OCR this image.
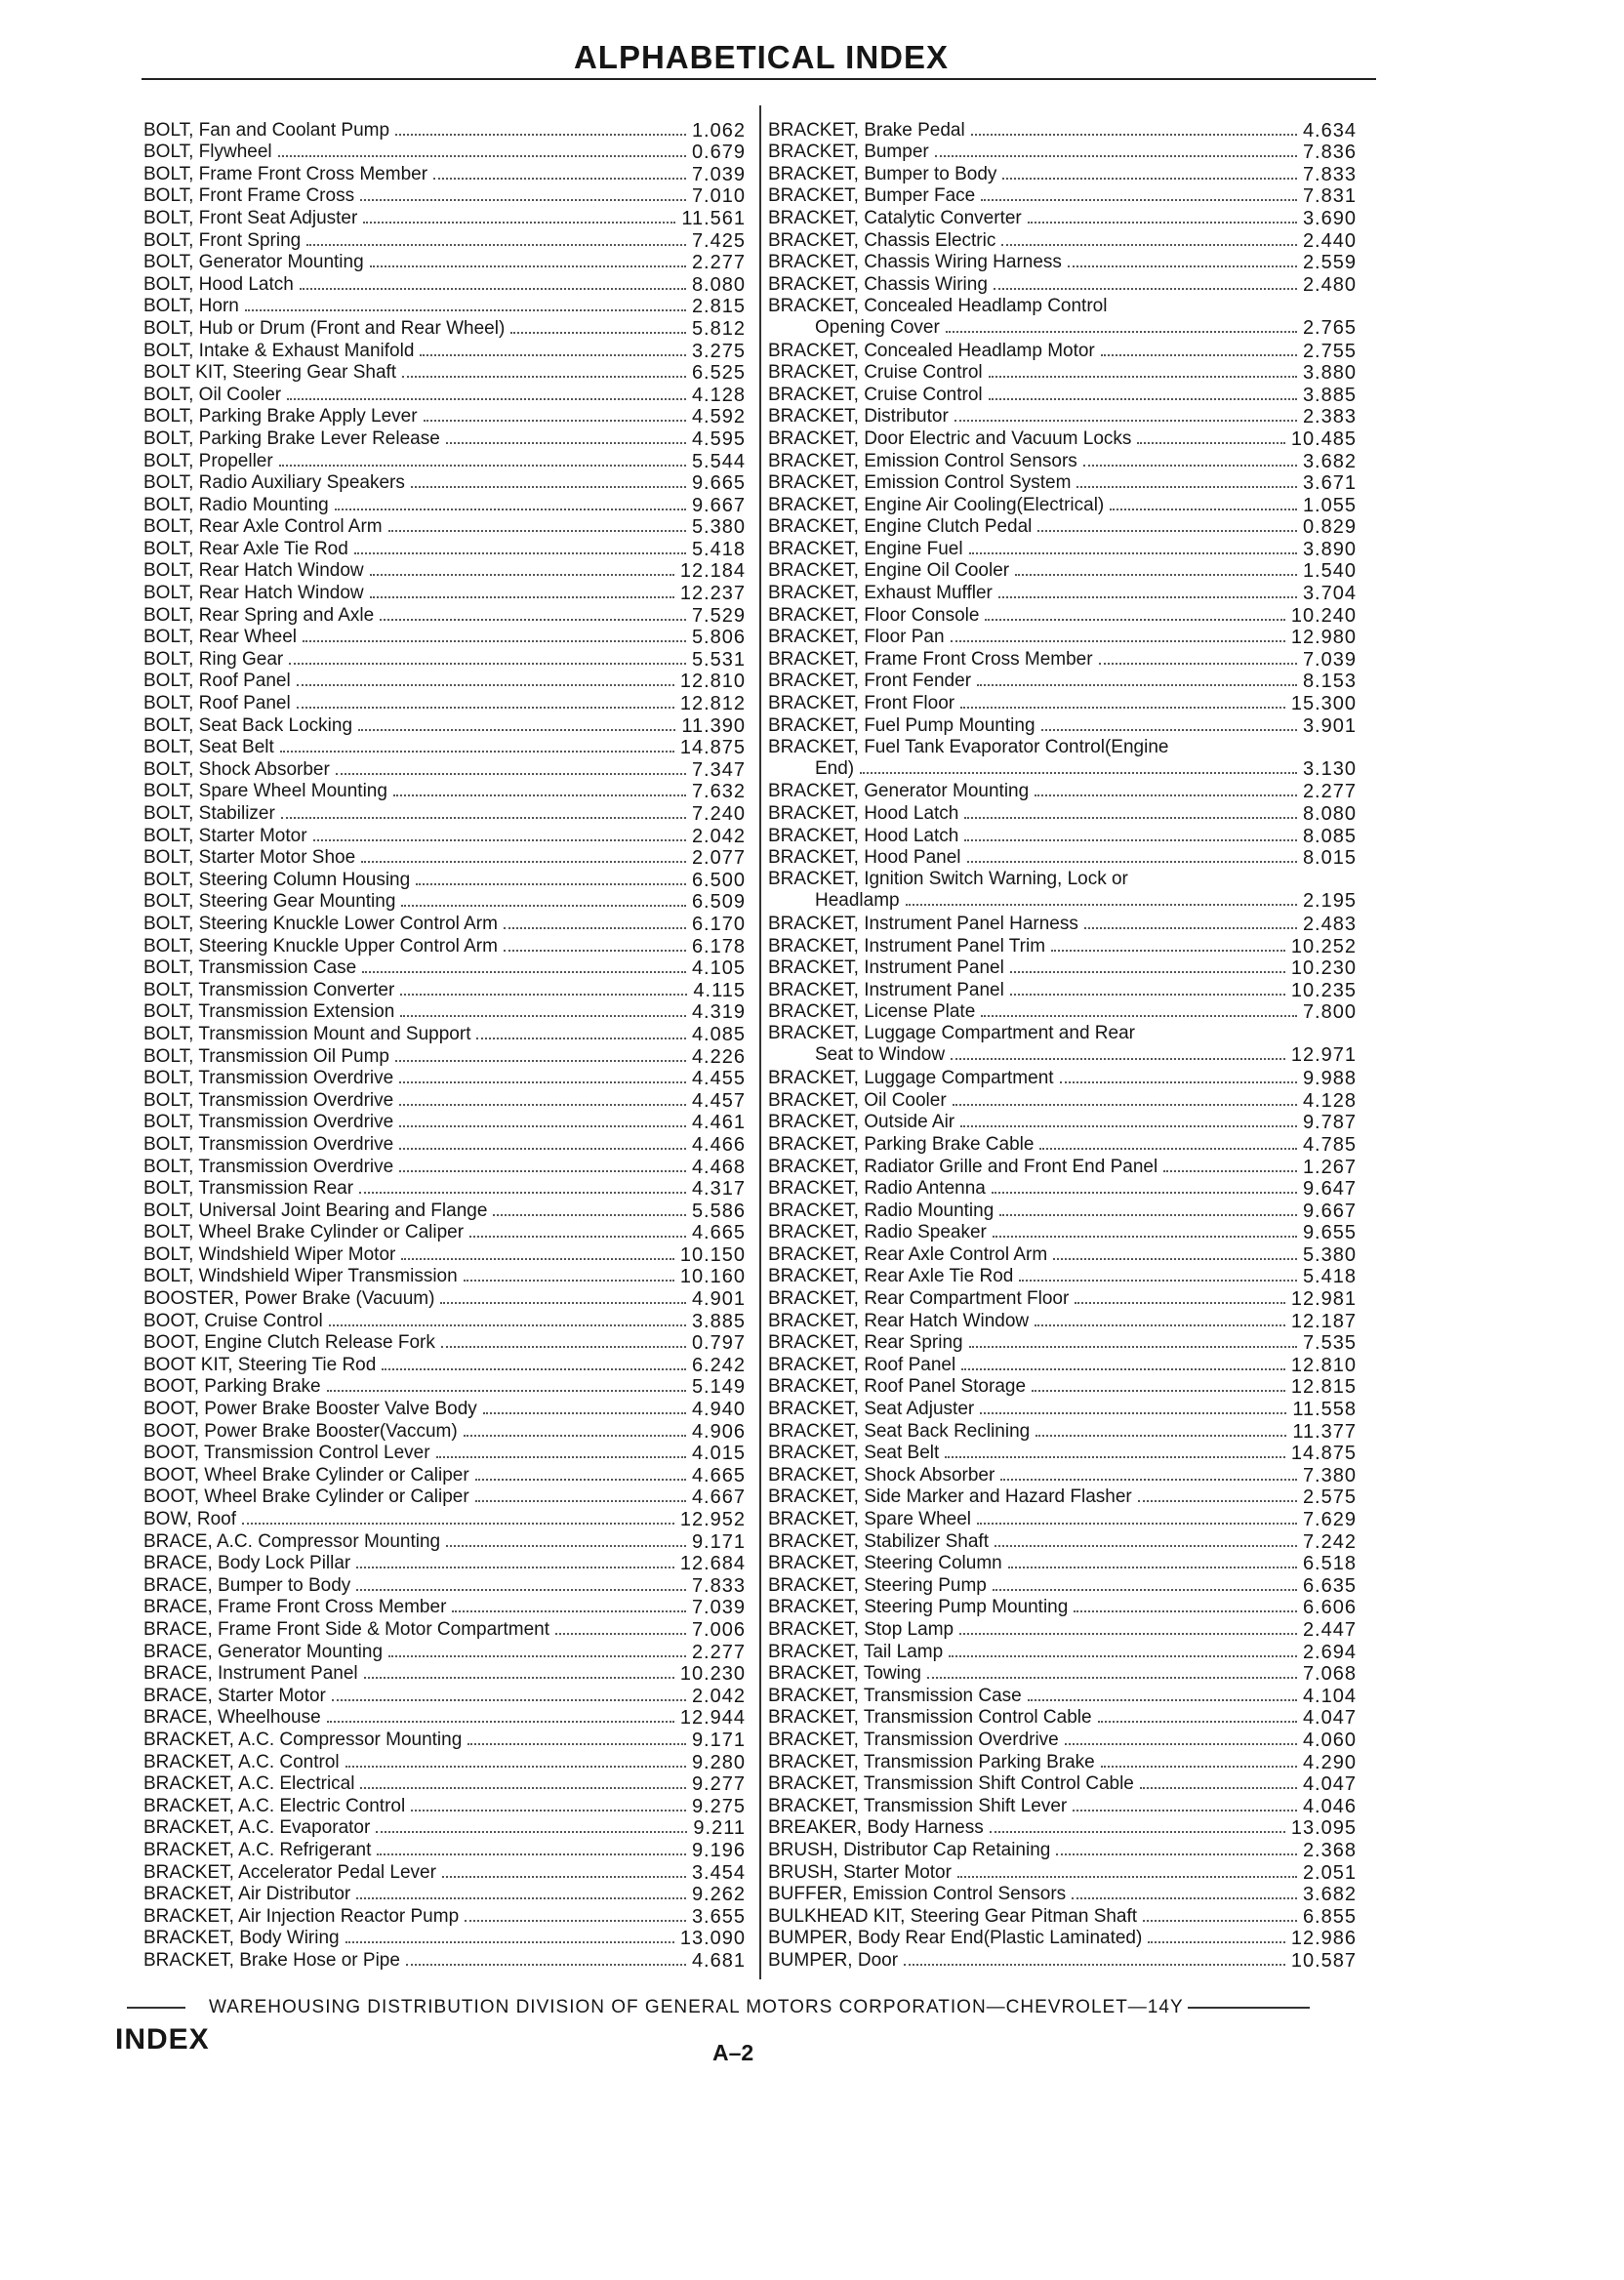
ALPHABETICAL INDEX
BOLT, Fan and Coolant Pump	1.062
BOLT, Flywheel	0.679
BOLT, Frame Front Cross Member	7.039
BOLT, Front Frame Cross	7.010
BOLT, Front Seat Adjuster	11.561
BOLT, Front Spring	7.425
BOLT, Generator Mounting	2.277
BOLT, Hood Latch	8.080
BOLT, Horn	2.815
BOLT, Hub or Drum (Front and Rear Wheel)	5.812
BOLT, Intake & Exhaust Manifold	3.275
BOLT KIT, Steering Gear Shaft	6.525
BOLT, Oil Cooler	4.128
BOLT, Parking Brake Apply Lever	4.592
BOLT, Parking Brake Lever Release	4.595
BOLT, Propeller	5.544
BOLT, Radio Auxiliary Speakers	9.665
BOLT, Radio Mounting	9.667
BOLT, Rear Axle Control Arm	5.380
BOLT, Rear Axle Tie Rod	5.418
BOLT, Rear Hatch Window	12.184
BOLT, Rear Hatch Window	12.237
BOLT, Rear Spring and Axle	7.529
BOLT, Rear Wheel	5.806
BOLT, Ring Gear	5.531
BOLT, Roof Panel	12.810
BOLT, Roof Panel	12.812
BOLT, Seat Back Locking	11.390
BOLT, Seat Belt	14.875
BOLT, Shock Absorber	7.347
BOLT, Spare Wheel Mounting	7.632
BOLT, Stabilizer	7.240
BOLT, Starter Motor	2.042
BOLT, Starter Motor Shoe	2.077
BOLT, Steering Column Housing	6.500
BOLT, Steering Gear Mounting	6.509
BOLT, Steering Knuckle Lower Control Arm	6.170
BOLT, Steering Knuckle Upper Control Arm	6.178
BOLT, Transmission Case	4.105
BOLT, Transmission Converter	4.115
BOLT, Transmission Extension	4.319
BOLT, Transmission Mount and Support	4.085
BOLT, Transmission Oil Pump	4.226
BOLT, Transmission Overdrive	4.455
BOLT, Transmission Overdrive	4.457
BOLT, Transmission Overdrive	4.461
BOLT, Transmission Overdrive	4.466
BOLT, Transmission Overdrive	4.468
BOLT, Transmission Rear	4.317
BOLT, Universal Joint Bearing and Flange	5.586
BOLT, Wheel Brake Cylinder or Caliper	4.665
BOLT, Windshield Wiper Motor	10.150
BOLT, Windshield Wiper Transmission	10.160
BOOSTER, Power Brake (Vacuum)	4.901
BOOT, Cruise Control	3.885
BOOT, Engine Clutch Release Fork	0.797
BOOT KIT, Steering Tie Rod	6.242
BOOT, Parking Brake	5.149
BOOT, Power Brake Booster Valve Body	4.940
BOOT, Power Brake Booster(Vaccum)	4.906
BOOT, Transmission Control Lever	4.015
BOOT, Wheel Brake Cylinder or Caliper	4.665
BOOT, Wheel Brake Cylinder or Caliper	4.667
BOW, Roof	12.952
BRACE, A.C. Compressor Mounting	9.171
BRACE, Body Lock Pillar	12.684
BRACE, Bumper to Body	7.833
BRACE, Frame Front Cross Member	7.039
BRACE, Frame Front Side & Motor Compartment	7.006
BRACE, Generator Mounting	2.277
BRACE, Instrument Panel	10.230
BRACE, Starter Motor	2.042
BRACE, Wheelhouse	12.944
BRACKET, A.C. Compressor Mounting	9.171
BRACKET, A.C. Control	9.280
BRACKET, A.C. Electrical	9.277
BRACKET, A.C. Electric Control	9.275
BRACKET, A.C. Evaporator	9.211
BRACKET, A.C. Refrigerant	9.196
BRACKET, Accelerator Pedal Lever	3.454
BRACKET, Air Distributor	9.262
BRACKET, Air Injection Reactor Pump	3.655
BRACKET, Body Wiring	13.090
BRACKET, Brake Hose or Pipe	4.681
BRACKET, Brake Pedal	4.634
BRACKET, Bumper	7.836
BRACKET, Bumper to Body	7.833
BRACKET, Bumper Face	7.831
BRACKET, Catalytic Converter	3.690
BRACKET, Chassis Electric	2.440
BRACKET, Chassis Wiring Harness	2.559
BRACKET, Chassis Wiring	2.480
BRACKET, Concealed Headlamp Control
Opening Cover	2.765
BRACKET, Concealed Headlamp Motor	2.755
BRACKET, Cruise Control	3.880
BRACKET, Cruise Control	3.885
BRACKET, Distributor	2.383
BRACKET, Door Electric and Vacuum Locks	10.485
BRACKET, Emission Control Sensors	3.682
BRACKET, Emission Control System	3.671
BRACKET, Engine Air Cooling(Electrical)	1.055
BRACKET, Engine Clutch Pedal	0.829
BRACKET, Engine Fuel	3.890
BRACKET, Engine Oil Cooler	1.540
BRACKET, Exhaust Muffler	3.704
BRACKET, Floor Console	10.240
BRACKET, Floor Pan	12.980
BRACKET, Frame Front Cross Member	7.039
BRACKET, Front Fender	8.153
BRACKET, Front Floor	15.300
BRACKET, Fuel Pump Mounting	3.901
BRACKET, Fuel Tank Evaporator Control(Engine
End)	3.130
BRACKET, Generator Mounting	2.277
BRACKET, Hood Latch	8.080
BRACKET, Hood Latch	8.085
BRACKET, Hood Panel	8.015
BRACKET, Ignition Switch Warning, Lock or
Headlamp	2.195
BRACKET, Instrument Panel Harness	2.483
BRACKET, Instrument Panel Trim	10.252
BRACKET, Instrument Panel	10.230
BRACKET, Instrument Panel	10.235
BRACKET, License Plate	7.800
BRACKET, Luggage Compartment and Rear
Seat to Window	12.971
BRACKET, Luggage Compartment	9.988
BRACKET, Oil Cooler	4.128
BRACKET, Outside Air	9.787
BRACKET, Parking Brake Cable	4.785
BRACKET, Radiator Grille and Front End Panel	1.267
BRACKET, Radio Antenna	9.647
BRACKET, Radio Mounting	9.667
BRACKET, Radio Speaker	9.655
BRACKET, Rear Axle Control Arm	5.380
BRACKET, Rear Axle Tie Rod	5.418
BRACKET, Rear Compartment Floor	12.981
BRACKET, Rear Hatch Window	12.187
BRACKET, Rear Spring	7.535
BRACKET, Roof Panel	12.810
BRACKET, Roof Panel Storage	12.815
BRACKET, Seat Adjuster	11.558
BRACKET, Seat Back Reclining	11.377
BRACKET, Seat Belt	14.875
BRACKET, Shock Absorber	7.380
BRACKET, Side Marker and Hazard Flasher	2.575
BRACKET, Spare Wheel	7.629
BRACKET, Stabilizer Shaft	7.242
BRACKET, Steering Column	6.518
BRACKET, Steering Pump	6.635
BRACKET, Steering Pump Mounting	6.606
BRACKET, Stop Lamp	2.447
BRACKET, Tail Lamp	2.694
BRACKET, Towing	7.068
BRACKET, Transmission Case	4.104
BRACKET, Transmission Control Cable	4.047
BRACKET, Transmission Overdrive	4.060
BRACKET, Transmission Parking Brake	4.290
BRACKET, Transmission Shift Control Cable	4.047
BRACKET, Transmission Shift Lever	4.046
BREAKER, Body Harness	13.095
BRUSH, Distributor Cap Retaining	2.368
BRUSH, Starter Motor	2.051
BUFFER, Emission Control Sensors	3.682
BULKHEAD KIT, Steering Gear Pitman Shaft	6.855
BUMPER, Body Rear End(Plastic Laminated)	12.986
BUMPER, Door	10.587
WAREHOUSING DISTRIBUTION DIVISION OF GENERAL MOTORS CORPORATION—CHEVROLET—14Y
INDEX	A–2
